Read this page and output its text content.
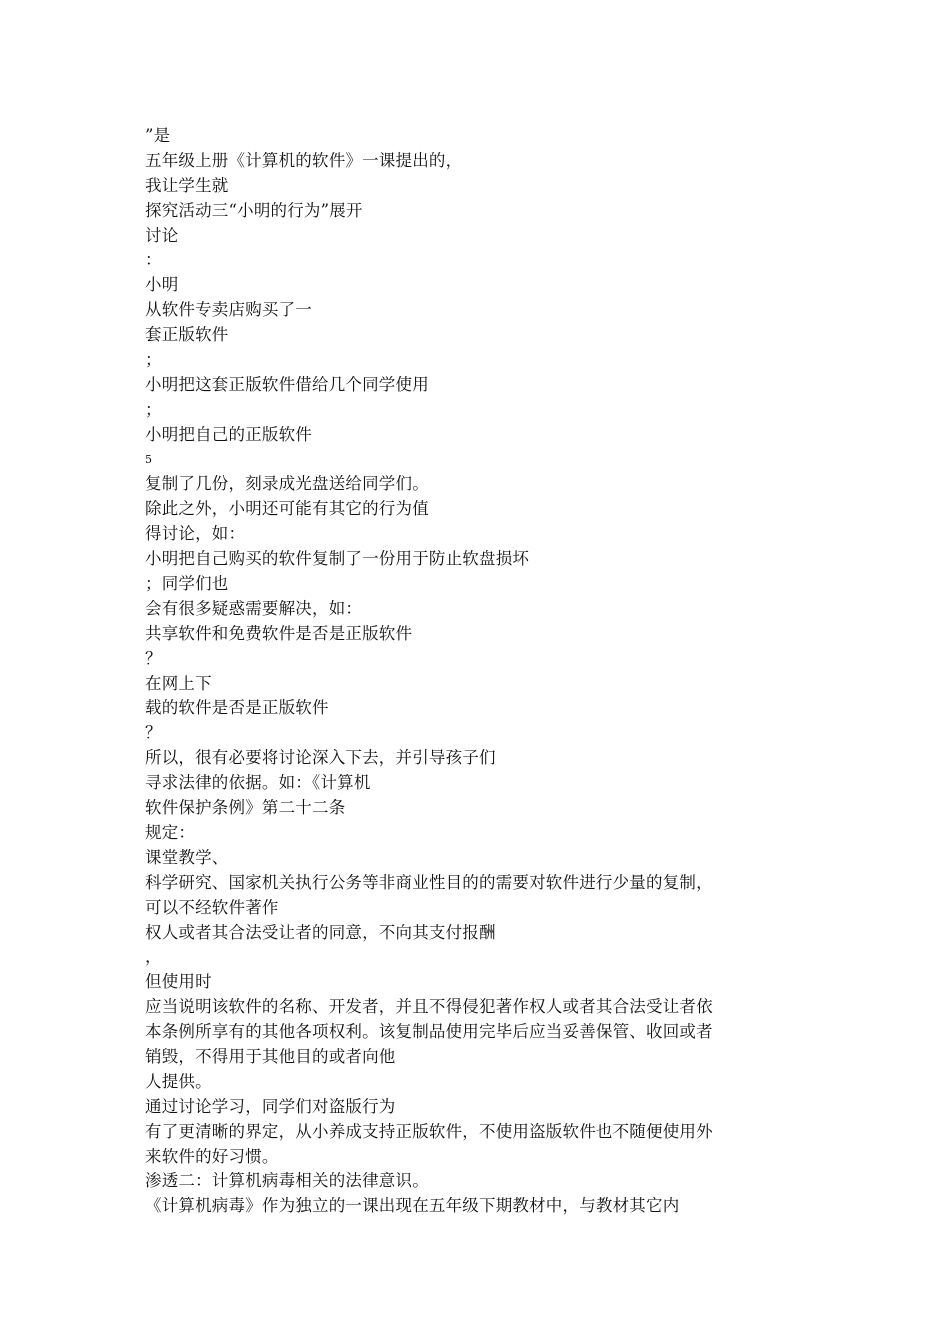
”是
五年级上册《计算机的软件》一课提出的，
我让学生就
探究活动三“小明的行为”展开
讨论
：
小明
从软件专卖店购买了一
套正版软件
；
小明把这套正版软件借给几个同学使用
；
小明把自己的正版软件
5
复制了几份，刻录成光盘送给同学们。
除此之外，小明还可能有其它的行为值
得讨论，如：
小明把自己购买的软件复制了一份用于防止软盘损坏
；同学们也
会有很多疑惑需要解决，如：
共享软件和免费软件是否是正版软件
？
在网上下
载的软件是否是正版软件
？
所以，很有必要将讨论深入下去，并引导孩子们
寻求法律的依据。如：《计算机
软件保护条例》第二十二条
规定：
课堂教学、
科学研究、国家机关执行公务等非商业性目的的需要对软件进行少量的复制，
可以不经软件著作
权人或者其合法受让者的同意，不向其支付报酬
，
但使用时
应当说明该软件的名称、开发者，并且不得侵犯著作权人或者其合法受让者依
本条例所享有的其他各项权利。该复制品使用完毕后应当妥善保管、收回或者
销毁，不得用于其他目的或者向他
人提供。
通过讨论学习，同学们对盗版行为
有了更清晰的界定，从小养成支持正版软件，不使用盗版软件也不随便使用外
来软件的好习惯。
渗透二：计算机病毒相关的法律意识。
《计算机病毒》作为独立的一课出现在五年级下期教材中，与教材其它内
